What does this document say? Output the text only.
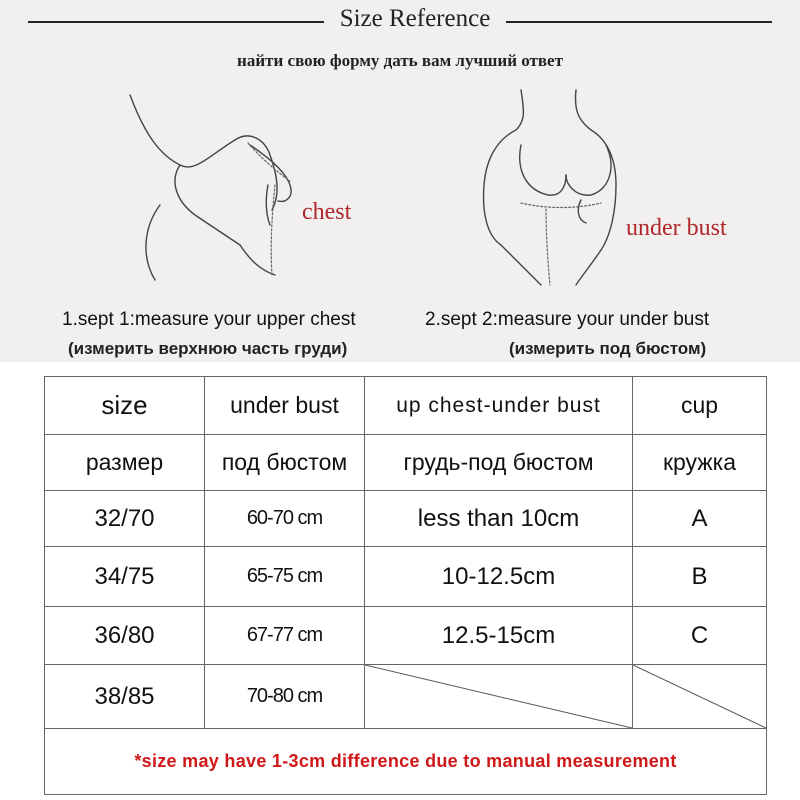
Size Reference
найти свою форму дать вам лучший ответ
chest
under bust
1.sept 1:measure your upper chest
(измерить верхнюю часть груди)
2.sept 2:measure your under bust
(измерить под бюстом)
size	under bust	up chest-under bust	cup
размер	под бюстом	грудь-под бюстом	кружка
32/70	60-70 cm	less than 10cm	A
34/75	65-75 cm	10-12.5cm	B
36/80	67-77 cm	12.5-15cm	C
38/85	70-80 cm	

*size may have 1-3cm difference due to manual measurement			
